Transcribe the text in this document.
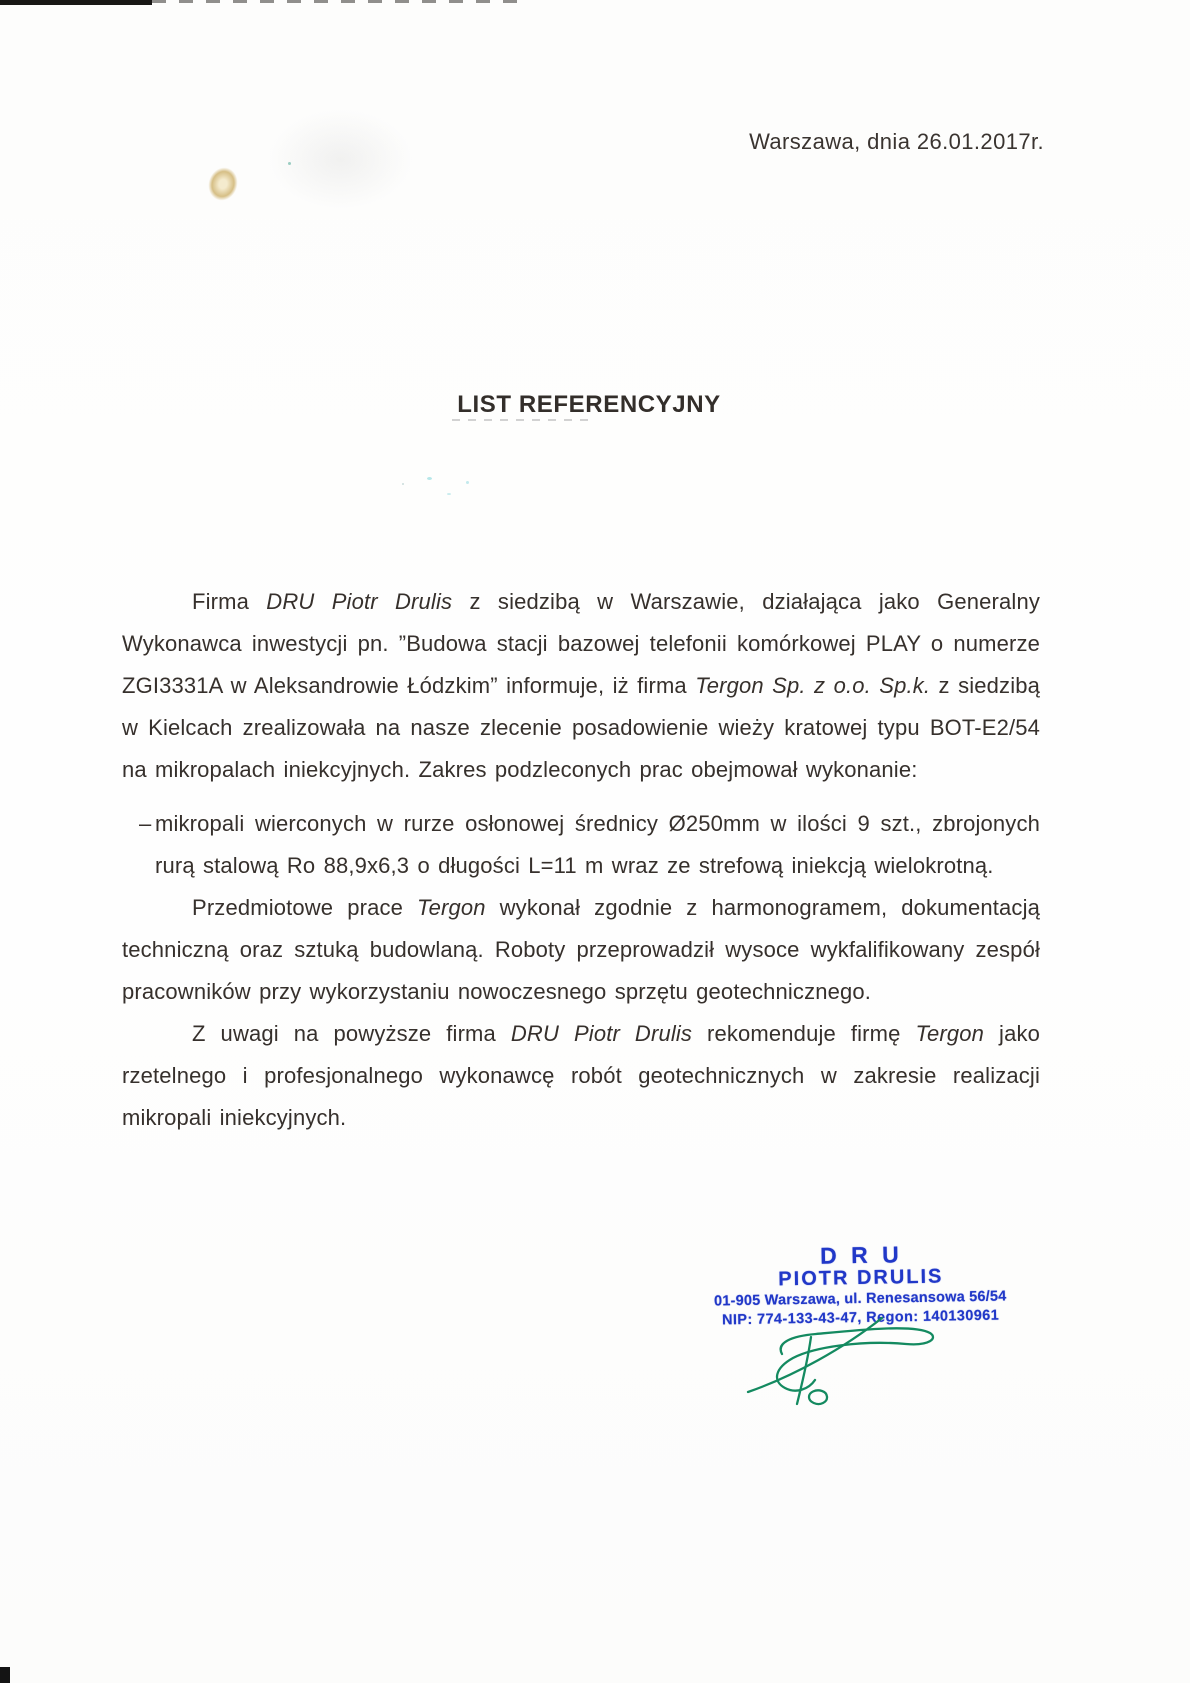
Warszawa, dnia 26.01.2017r.
LIST REFERENCYJNY

Firma DRU Piotr Drulis z siedzibą w Warszawie, działająca jako Generalny Wykonawca inwestycji pn. ”Budowa stacji bazowej telefonii komórkowej PLAY o numerze ZGI3331A w Aleksandrowie Łódzkim” informuje, iż firma Tergon Sp. z o.o. Sp.k. z siedzibą w Kielcach zrealizowała na nasze zlecenie posadowienie wieży kratowej typu BOT-E2/54 na mikropalach iniekcyjnych. Zakres podzleconych prac obejmował wykonanie:

– mikropali wierconych w rurze osłonowej średnicy Ø250mm w ilości 9 szt., zbrojonych rurą stalową Ro 88,9x6,3 o długości L=11 m wraz ze strefową iniekcją wielokrotną.

Przedmiotowe prace Tergon wykonał zgodnie z harmonogramem, dokumentacją techniczną oraz sztuką budowlaną. Roboty przeprowadził wysoce wykfalifikowany zespół pracowników przy wykorzystaniu nowoczesnego sprzętu geotechnicznego.

Z uwagi na powyższe firma DRU Piotr Drulis rekomenduje firmę Tergon jako rzetelnego i profesjonalnego wykonawcę robót geotechnicznych w zakresie realizacji mikropali iniekcyjnych.

D R U
PIOTR DRULIS
01-905 Warszawa, ul. Renesansowa 56/54
NIP: 774-133-43-47, Regon: 140130961
